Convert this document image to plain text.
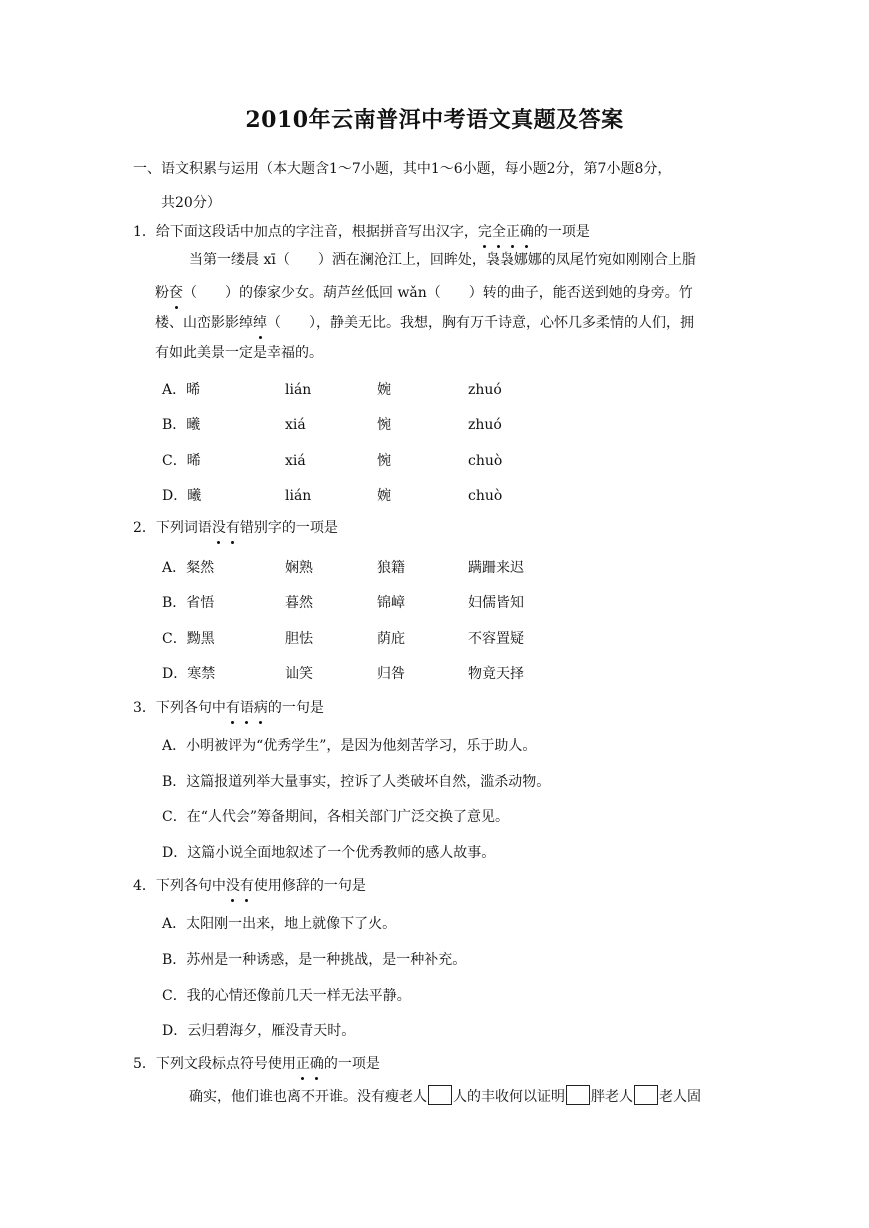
2010年云南普洱中考语文真题及答案
一、语文积累与运用（本大题含1～7小题，其中1～6小题，每小题2分，第7小题8分，
共20分）
1．给下面这段话中加点的字注音，根据拼音写出汉字，完全正确的一项是
当第一缕晨 xī（　　）洒在澜沧江上，回眸处，袅袅娜娜的凤尾竹宛如刚刚合上脂
粉奁（　　）的傣家少女。葫芦丝低回 wǎn（　　）转的曲子，能否送到她的身旁。竹
楼、山峦影影绰绰（　　），静美无比。我想，胸有万千诗意，心怀几多柔情的人们，拥
有如此美景一定是幸福的。
A．晞	lián	婉	zhuó
B．曦	xiá	惋	zhuó
C．晞	xiá	惋	chuò
D．曦	lián	婉	chuò
2．下列词语没有错别字的一项是
A．粲然	娴熟	狼籍	蹒跚来迟
B．省悟	暮然	锦嶂	妇儒皆知
C．黝黑	胆怯	荫庇	不容置疑
D．寒禁	讪笑	归咎	物竟天择
3．下列各句中有语病的一句是
A．小明被评为“优秀学生”，是因为他刻苦学习，乐于助人。
B．这篇报道列举大量事实，控诉了人类破坏自然，滥杀动物。
C．在“人代会”筹备期间，各相关部门广泛交换了意见。
D．这篇小说全面地叙述了一个优秀教师的感人故事。
4．下列各句中没有使用修辞的一句是
A．太阳刚一出来，地上就像下了火。
B．苏州是一种诱惑，是一种挑战，是一种补充。
C．我的心情还像前几天一样无法平静。
D．云归碧海夕，雁没青天时。
5．下列文段标点符号使用正确的一项是
确实，他们谁也离不开谁。没有瘦老人 人的丰收何以证明 胖老人 老人固
